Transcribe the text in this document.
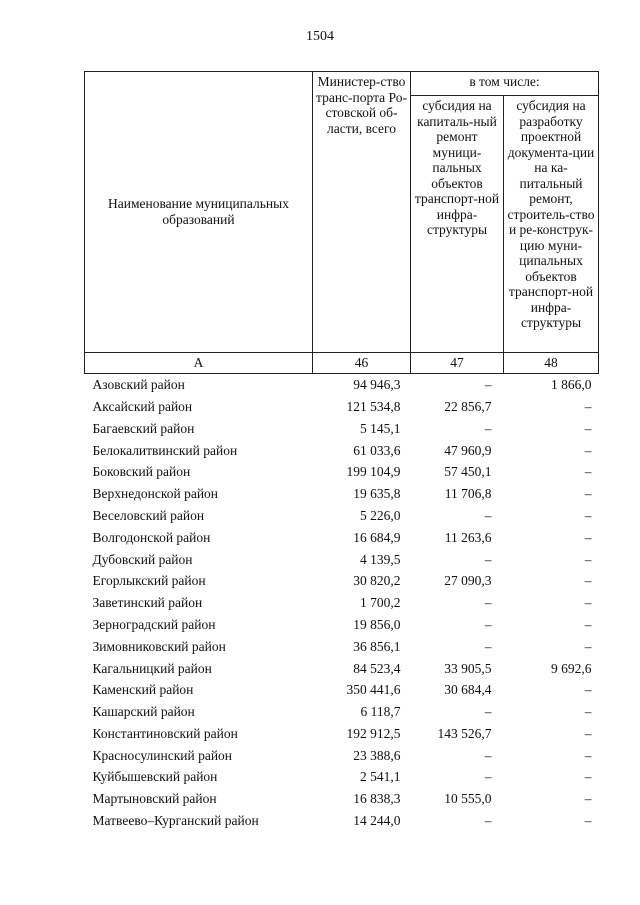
1504
Наименование муниципальных образований	Министер-ство транс-порта Ро-стовской об-ласти, всего	в том числе:	
		субсидия на капиталь-ный ремонт муници-пальных объектов транспорт-ной инфра-структуры	субсидия на разработку проектной документа-ции на ка-питальный ремонт, строитель-ство и ре-конструк-цию муни-ципальных объектов транспорт-ной инфра-структуры
А	46	47	48
Азовский район	94 946,3	–	1 866,0
Аксайский район	121 534,8	22 856,7	–
Багаевский район	5 145,1	–	–
Белокалитвинский район	61 033,6	47 960,9	–
Боковский район	199 104,9	57 450,1	–
Верхнедонской район	19 635,8	11 706,8	–
Веселовский район	5 226,0	–	–
Волгодонской район	16 684,9	11 263,6	–
Дубовский район	4 139,5	–	–
Егорлыкский район	30 820,2	27 090,3	–
Заветинский район	1 700,2	–	–
Зерноградский район	19 856,0	–	–
Зимовниковский район	36 856,1	–	–
Кагальницкий район	84 523,4	33 905,5	9 692,6
Каменский район	350 441,6	30 684,4	–
Кашарский район	6 118,7	–	–
Константиновский район	192 912,5	143 526,7	–
Красносулинский район	23 388,6	–	–
Куйбышевский район	2 541,1	–	–
Мартыновский район	16 838,3	10 555,0	–
Матвеево–Курганский район	14 244,0	–	–
